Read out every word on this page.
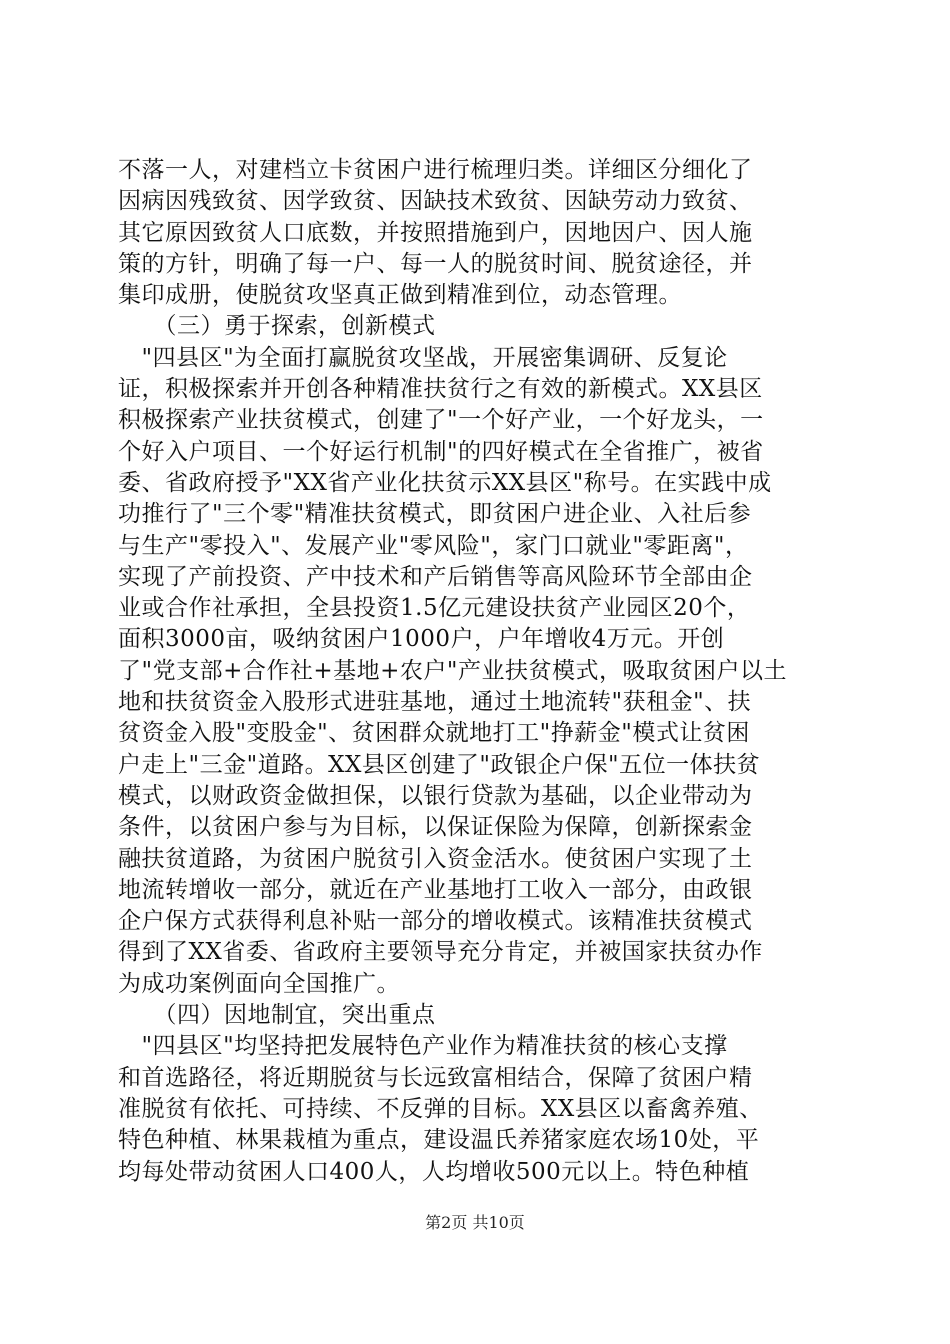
不落一人，对建档立卡贫困户进行梳理归类。详细区分细化了
因病因残致贫、因学致贫、因缺技术致贫、因缺劳动力致贫、
其它原因致贫人口底数，并按照措施到户，因地因户、因人施
策的方针，明确了每一户、每一人的脱贫时间、脱贫途径，并
集印成册，使脱贫攻坚真正做到精准到位，动态管理。
　　（三）勇于探索，创新模式
　"四县区"为全面打赢脱贫攻坚战，开展密集调研、反复论
证，积极探索并开创各种精准扶贫行之有效的新模式。XX县区
积极探索产业扶贫模式，创建了"一个好产业，一个好龙头，一
个好入户项目、一个好运行机制"的四好模式在全省推广，被省
委、省政府授予"XX省产业化扶贫示XX县区"称号。在实践中成
功推行了"三个零"精准扶贫模式，即贫困户进企业、入社后参
与生产"零投入"、发展产业"零风险"，家门口就业"零距离"，
实现了产前投资、产中技术和产后销售等高风险环节全部由企
业或合作社承担，全县投资1.5亿元建设扶贫产业园区20个，
面积3000亩，吸纳贫困户1000户，户年增收4万元。开创
了"党支部+合作社+基地+农户"产业扶贫模式，吸取贫困户以土
地和扶贫资金入股形式进驻基地，通过土地流转"获租金"、扶
贫资金入股"变股金"、贫困群众就地打工"挣薪金"模式让贫困
户走上"三金"道路。XX县区创建了"政银企户保"五位一体扶贫
模式，以财政资金做担保，以银行贷款为基础，以企业带动为
条件，以贫困户参与为目标，以保证保险为保障，创新探索金
融扶贫道路，为贫困户脱贫引入资金活水。使贫困户实现了土
地流转增收一部分，就近在产业基地打工收入一部分，由政银
企户保方式获得利息补贴一部分的增收模式。该精准扶贫模式
得到了XX省委、省政府主要领导充分肯定，并被国家扶贫办作
为成功案例面向全国推广。
　　（四）因地制宜，突出重点
　"四县区"均坚持把发展特色产业作为精准扶贫的核心支撑
和首选路径，将近期脱贫与长远致富相结合，保障了贫困户精
准脱贫有依托、可持续、不反弹的目标。XX县区以畜禽养殖、
特色种植、林果栽植为重点，建设温氏养猪家庭农场10处，平
均每处带动贫困人口400人，人均增收500元以上。特色种植
第2页 共10页
